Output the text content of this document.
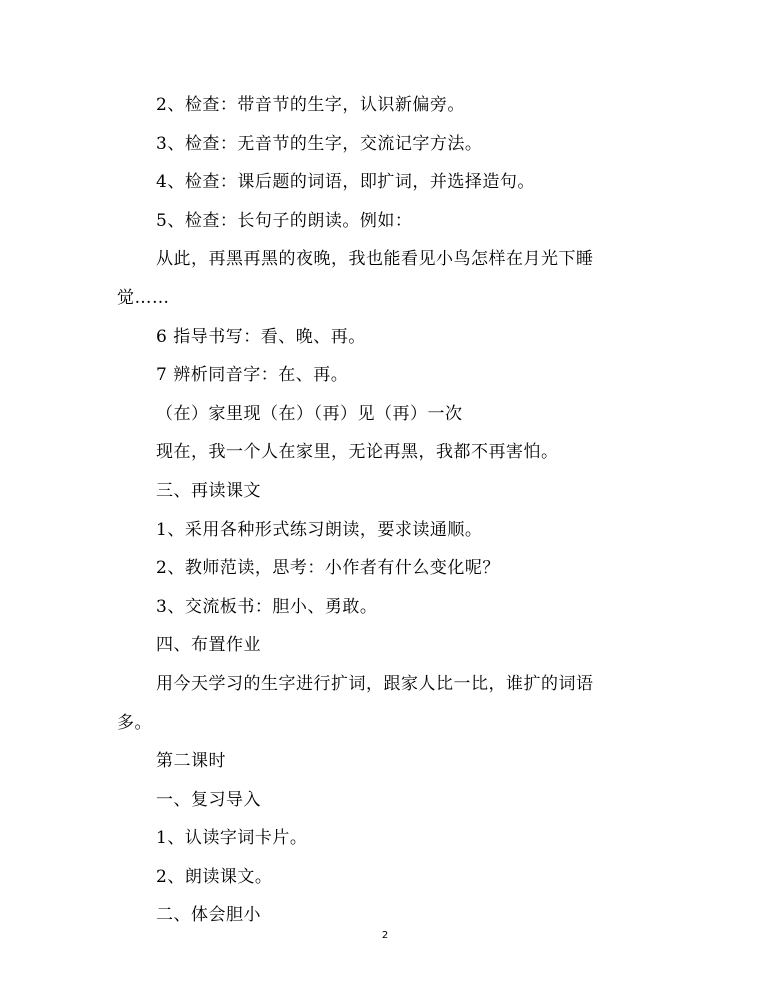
2、检查：带音节的生字，认识新偏旁。
3、检查：无音节的生字，交流记字方法。
4、检查：课后题的词语，即扩词，并选择造句。
5、检查：长句子的朗读。例如：
从此，再黑再黑的夜晚，我也能看见小鸟怎样在月光下睡
觉……
6 指导书写：看、晚、再。
7 辨析同音字：在、再。
（在）家里现（在）（再）见（再）一次
现在，我一个人在家里，无论再黑，我都不再害怕。
三、再读课文
1、采用各种形式练习朗读，要求读通顺。
2、教师范读，思考：小作者有什么变化呢？
3、交流板书：胆小、勇敢。
四、布置作业
用今天学习的生字进行扩词，跟家人比一比，谁扩的词语
多。
第二课时
一、复习导入
1、认读字词卡片。
2、朗读课文。
二、体会胆小
2
